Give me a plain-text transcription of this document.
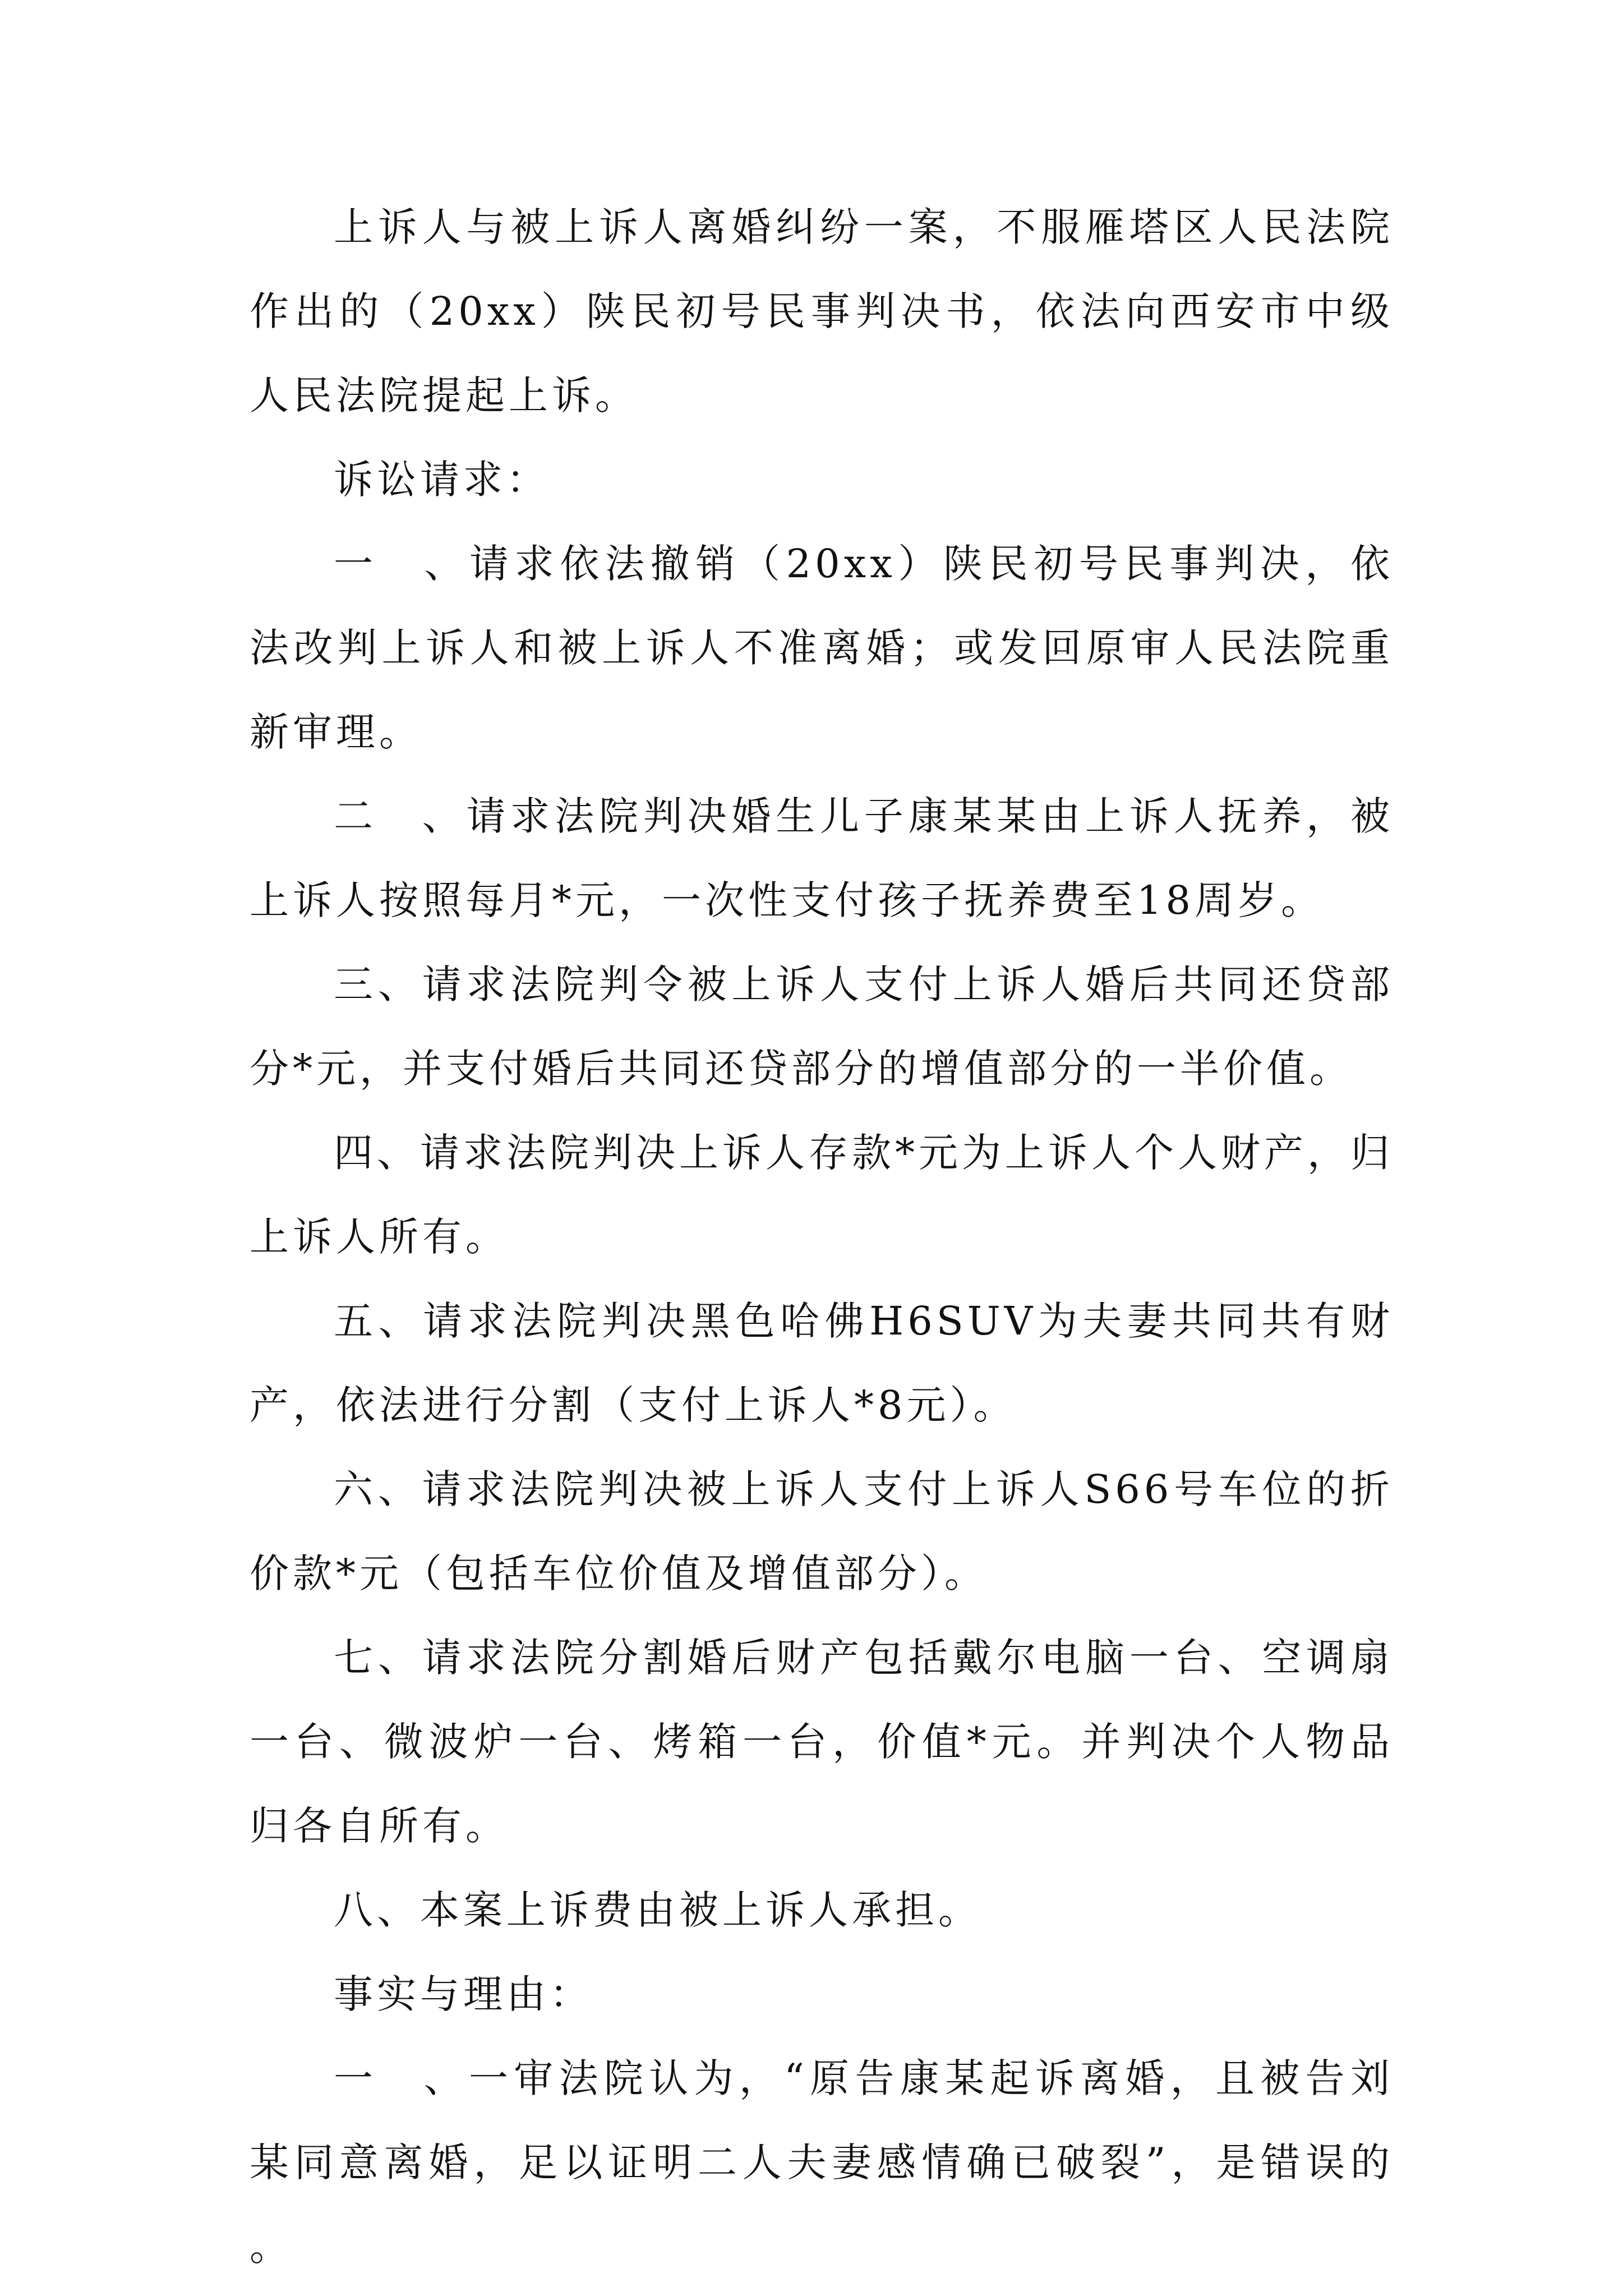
上诉人与被上诉人离婚纠纷一案，不服雁塔区人民法院作出的（20xx）陕民初号民事判决书，依法向西安市中级人民法院提起上诉。

诉讼请求：

一　、请求依法撤销（20xx）陕民初号民事判决，依法改判上诉人和被上诉人不准离婚；或发回原审人民法院重新审理。

二　、请求法院判决婚生儿子康某某由上诉人抚养，被上诉人按照每月*元，一次性支付孩子抚养费至18周岁。

三、请求法院判令被上诉人支付上诉人婚后共同还贷部分*元，并支付婚后共同还贷部分的增值部分的一半价值。

四、请求法院判决上诉人存款*元为上诉人个人财产，归上诉人所有。

五、请求法院判决黑色哈佛H6SUV为夫妻共同共有财产，依法进行分割（支付上诉人*8元）。

六、请求法院判决被上诉人支付上诉人S66号车位的折价款*元（包括车位价值及增值部分）。

七、请求法院分割婚后财产包括戴尔电脑一台、空调扇一台、微波炉一台、烤箱一台，价值*元。并判决个人物品归各自所有。

八、本案上诉费由被上诉人承担。

事实与理由：

一　、一审法院认为，“原告康某起诉离婚，且被告刘某同意离婚，足以证明二人夫妻感情确已破裂”，是错误的。
